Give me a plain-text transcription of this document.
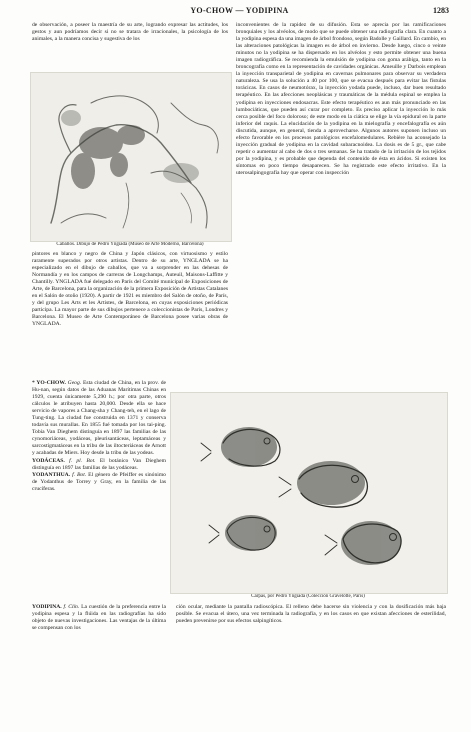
YO-CHOW — YODIPINA	1283

de observación, a poseer la maestría de su arte, logrando expresar las actitudes, los gestos y aun podríamos decir si no se tratara de irracionales, la psicología de los animales, a la manera concisa y sugestiva de los

Caballos. Dibujo de Pedro Yngiada (Museo de Arte Moderno, Barcelona)

pintores en blanco y negro de China y Japón clásicos, con virtuosismo y estilo raramente superados por otros artistas. Dentro de su arte, YNGLADA se ha especializado en el dibujo de caballos, que va a sorprender en las dehesas de Normandía y en los campos de carreras de Longchamps, Auteuil, Maisons-Laffitte y Chantilly. YNGLADA fué delegado en París del Comité municipal de Exposiciones de Arte, de Barcelona, para la organización de la primera Exposición de Artistas Catalanes en el Salón de otoño (1920). A partir de 1921 es miembro del Salón de otoño, de París, y del grupo Les Arts et les Artistes, de Barcelona, en cuyas exposiciones periódicas participa. La mayor parte de sus dibujos pertenece a coleccionistas de París, Londres y Barcelona. El Museo de Arte Contemporáneo de Barcelona posee varias obras de YNGLADA.

* YO-CHOW. Geog. Esta ciudad de China, en la prov. de Hu-nan, según datos de las Aduanas Marítimas Chinas en 1929, cuenta únicamente 5,290 h.; por otra parte, otros cálculos le atribuyen hasta 20,000. Desde ella se hace servicio de vapores a Chang-sha y Chang-teh, en el lago de Tung-ting. La ciudad fue construida en 1371 y conserva todavía sus murallas. En 1855 fué tomada por los tai-ping. Tobía Van Dieghem distinguía en 1897 las familias de las cynomoriáceas, yodáceas, pleurisantáceas, leptamáceas y sarcostigmatáceas en la tribu de las iltocteriáceas de Arnott y acabadas de Miers. Hoy desde la tribu de las yodeas.

YODÁCEAS. f. pl. Bot. El botánico Van Dieghem distinguía en 1897 las familias de las yodáceas.

YODANTHUA. f. Bot. El género de Pfeiffer es sinónimo de Yodanthus de Torrey y Gray, en la familia de las crucíferas.

inconvenientes de la rapidez de su difusión. Esta se aprecia por las ramificaciones bronquiales y los alvéolos, de modo que se puede obtener una radiografía clara. En cuanto a la yodipina espesa da una imagen de árbol frondoso, según Badolle y Gaillard. En cambio, en las alteraciones patológicas la imagen es de árbol en invierno. Desde luego, cinco o veinte minutos no la yodipina se ha dispersado en los alvéolos y esto permite obtener una buena imagen radiográfica. Se recomienda la emulsión de yodipina con goma arábiga, tanto en la broncografía como en la representación de cavidades orgánicas. Ameuille y Darbois emplean la inyección transparietal de yodipina en cavernas pulmonares para observar su verdadera naturaleza. Se usa la solución a 40 por 100, que se evacua después para evitar las fístulas torácicas. En casos de neumotórax, la inyección yodada puede, incluso, dar buen resultado terapéutico. En las afecciones neoplásicas y traumáticas de la médula espinal se emplea la yodipina en inyecciones endosacras. Este efecto terapéutico es aun más pronunciado en las lumbociáticas, que pueden así curar por completo. Es preciso aplicar la inyección lo más cerca posible del foco doloroso; de este modo en la ciática se elige la vía epidural en la parte inferior del raquis. La elucidación de la yodipina en la mielografía y encefalografía es aún discutida, aunque, en general, tienda a aprovecharse. Algunos autores suponen incluso un efecto favorable en los procesos patológicos encefalomedulares. Rebière ha aconsejado la inyección gradual de yodipina en la cavidad subaracnoidea. La dosis es de 5 gr., que cabe repetir o aumentar al cabo de dos o tres semanas. Se ha tratado de la irritación de los tejidos por la yodipina, y es probable que dependa del contenido de ésta en ácidos. Si existen los síntomas en poco tiempo desaparecen. Se ha registrado este efecto irritativo. En la uterosalpingografía hay que operar con inspección

Carpas, por Pedro Yngiada (Colección Gravelotte, París)

YODIPINA. f. Clín. La cuestión de la preferencia entre la yodipina espesa y la flúida en las radiografías ha sido objeto de nuevas investigaciones. Las ventajas de la última se compensan con los

ción ocular, mediante la pantalla radioscópica. El relleno debe hacerse sin violencia y con la dosificación más baja posible. Se evacua el útero, una vez terminada la radiografía, y en los casos en que existan afecciones de esterilidad, pueden prevenirse por sus efectos salpingíticos.
